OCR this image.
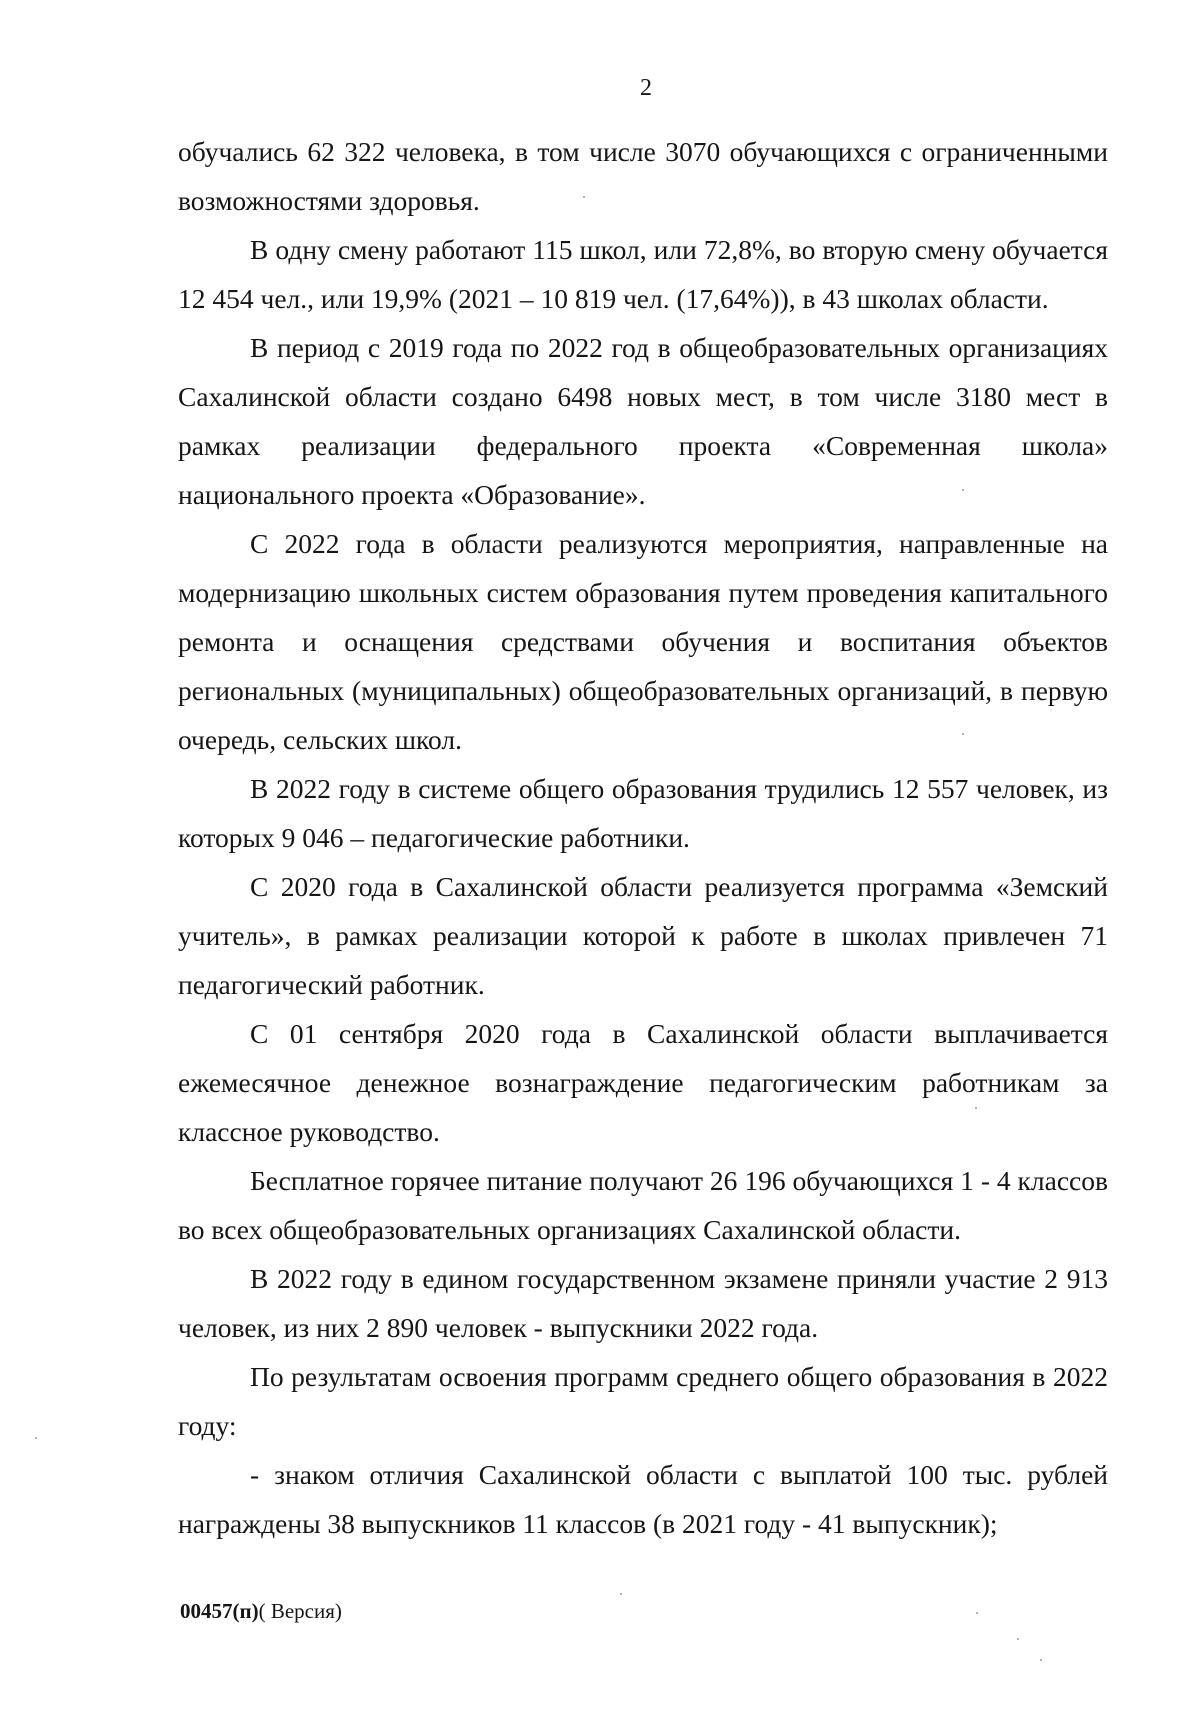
2

обучались 62 322 человека, в том числе 3070 обучающихся с ограниченными возможностями здоровья.

В одну смену работают 115 школ, или 72,8%, во вторую смену обучается 12 454 чел., или 19,9% (2021 – 10 819 чел. (17,64%)), в 43 школах области.

В период с 2019 года по 2022 год в общеобразовательных организациях Сахалинской области создано 6498 новых мест, в том числе 3180 мест в рамках реализации федерального проекта «Современная школа» национального проекта «Образование».

С 2022 года в области реализуются мероприятия, направленные на модернизацию школьных систем образования путем проведения капитального ремонта и оснащения средствами обучения и воспитания объектов региональных (муниципальных) общеобразовательных организаций, в первую очередь, сельских школ.

В 2022 году в системе общего образования трудились 12 557 человек, из которых 9 046 – педагогические работники.

С 2020 года в Сахалинской области реализуется программа «Земский учитель», в рамках реализации которой к работе в школах привлечен 71 педагогический работник.

С 01 сентября 2020 года в Сахалинской области выплачивается ежемесячное денежное вознаграждение педагогическим работникам за классное руководство.

Бесплатное горячее питание получают 26 196 обучающихся 1 - 4 классов во всех общеобразовательных организациях Сахалинской области.

В 2022 году в едином государственном экзамене приняли участие 2 913 человек, из них 2 890 человек - выпускники 2022 года.

По результатам освоения программ среднего общего образования в 2022 году:

- знаком отличия Сахалинской области с выплатой 100 тыс. рублей награждены 38 выпускников 11 классов (в 2021 году - 41 выпускник);

00457(п)( Версия)
